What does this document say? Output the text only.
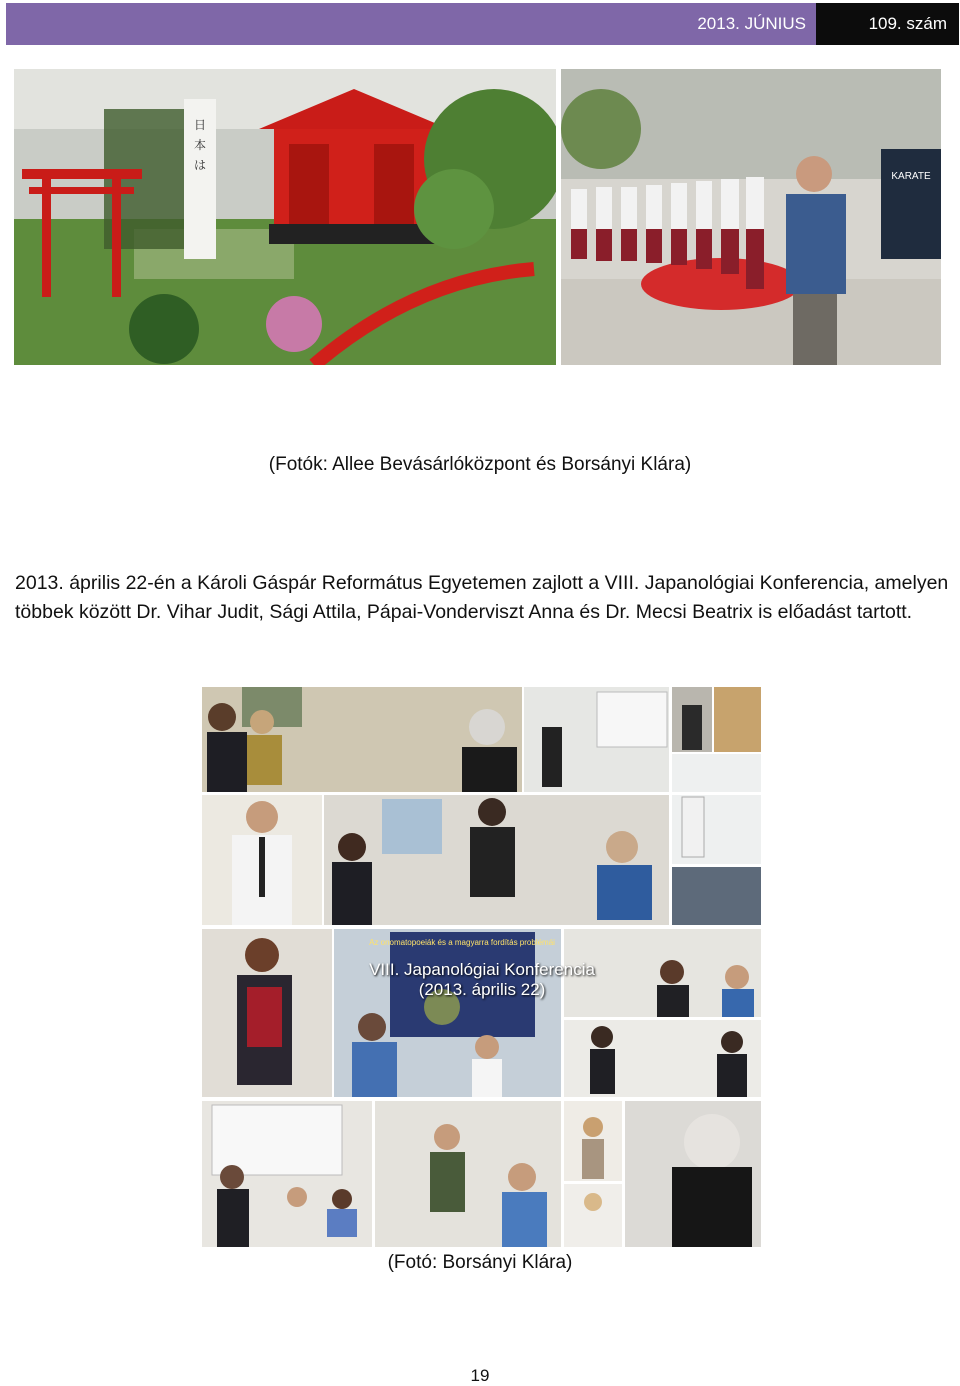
2013. JÚNIUS	109. szám
日
本
は
KARATE
(Fotók: Allee Bevásárlóközpont és Borsányi Klára)
2013. április 22-én a Károli Gáspár Református Egyetemen zajlott a VIII. Japanológiai Konferencia, amelyen többek között Dr. Vihar Judit, Sági Attila, Pápai-Vonderviszt Anna és Dr. Mecsi Beatrix is előadást tartott.
Az onomatopoeiák és a magyarra fordítás problémái
VIII. Japanológiai Konferencia
(2013. április 22)
(Fotó: Borsányi Klára)
19
